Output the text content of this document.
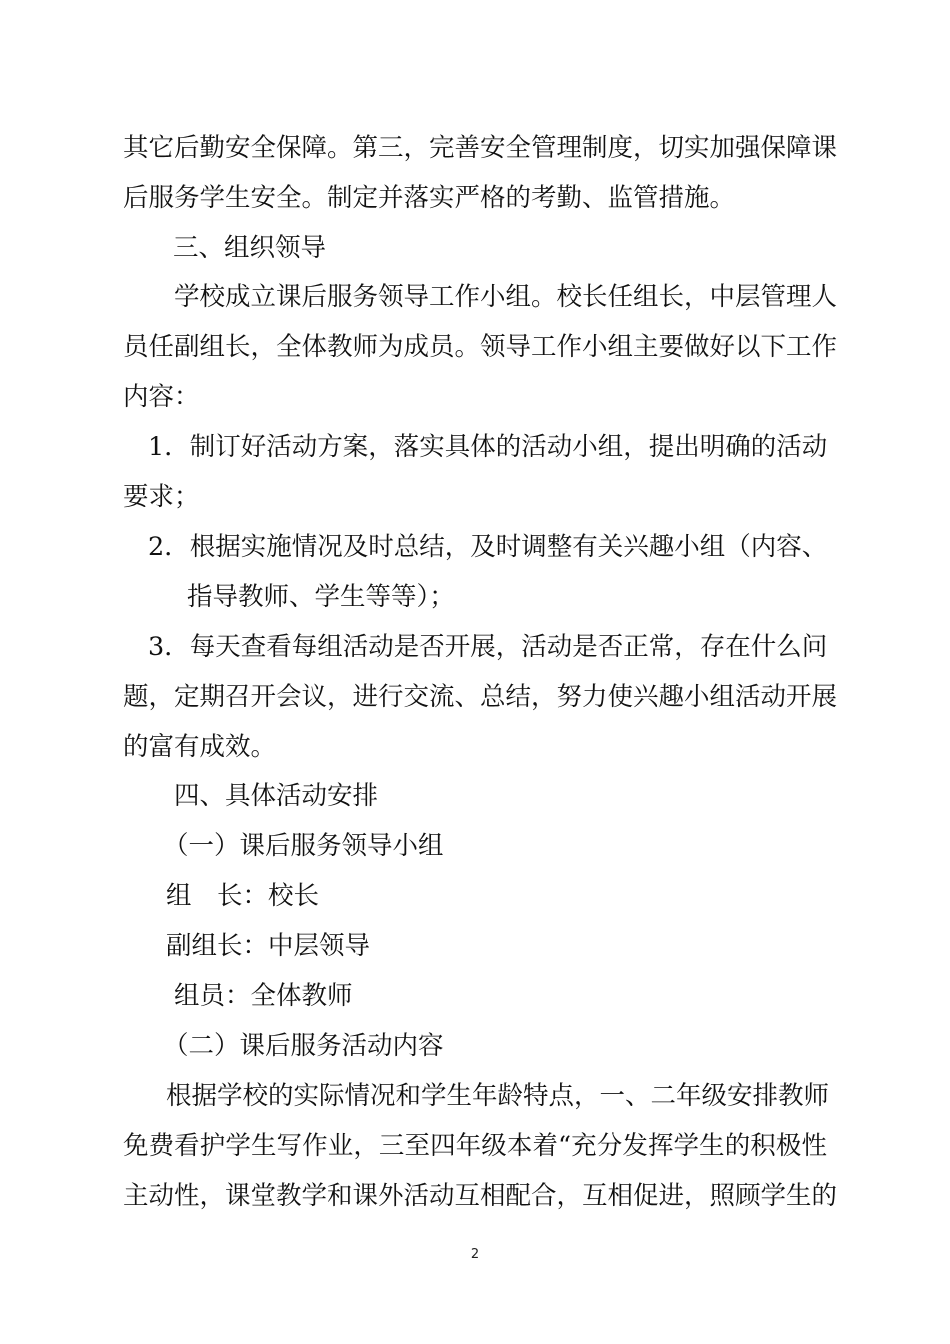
其它后勤安全保障。第三，完善安全管理制度，切实加强保障课
后服务学生安全。制定并落实严格的考勤、监管措施。
三、组织领导
学校成立课后服务领导工作小组。校长任组长，中层管理人
员任副组长，全体教师为成员。领导工作小组主要做好以下工作
内容：
1．制订好活动方案，落实具体的活动小组，提出明确的活动
要求；
2．根据实施情况及时总结，及时调整有关兴趣小组（内容、
指导教师、学生等等）；
3．每天查看每组活动是否开展，活动是否正常，存在什么问
题，定期召开会议，进行交流、总结，努力使兴趣小组活动开展
的富有成效。
四、具体活动安排
（一）课后服务领导小组
组　长：校长
副组长：中层领导
组员：全体教师
（二）课后服务活动内容
根据学校的实际情况和学生年龄特点，一、二年级安排教师
免费看护学生写作业，三至四年级本着“充分发挥学生的积极性
主动性，课堂教学和课外活动互相配合，互相促进，照顾学生的
2
